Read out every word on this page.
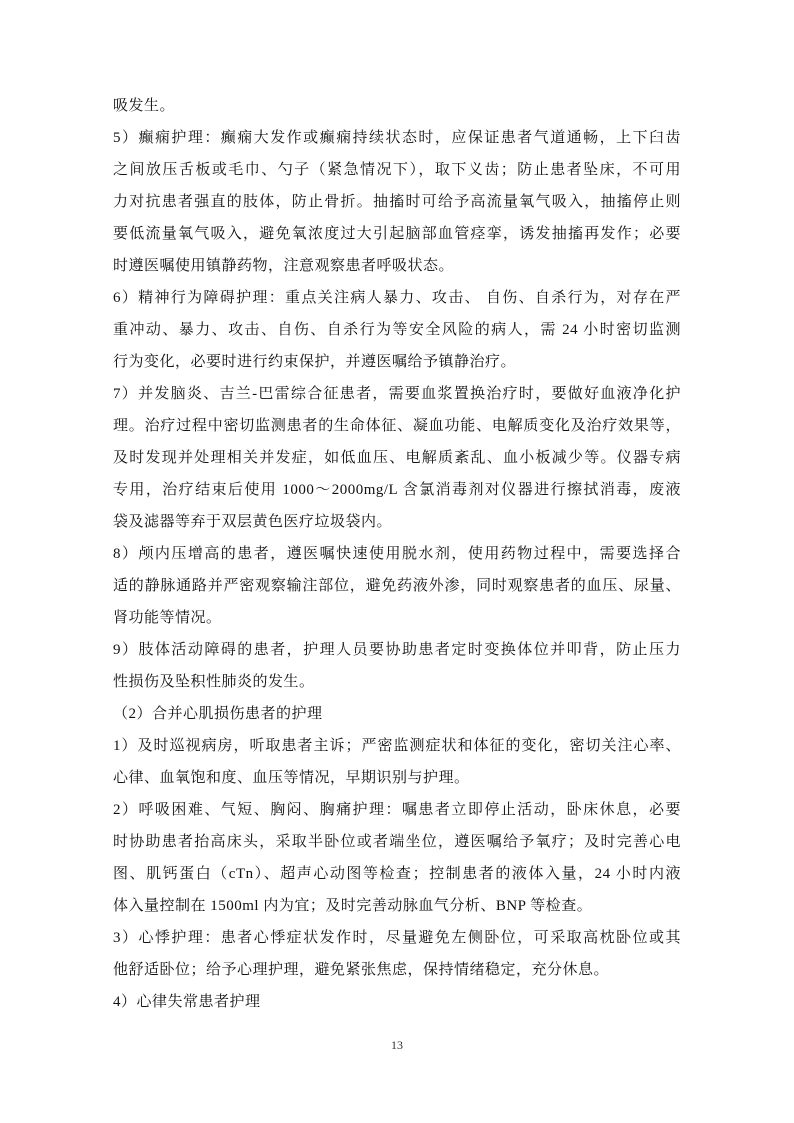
吸发生。
5）癫痫护理：癫痫大发作或癫痫持续状态时，应保证患者气道通畅，上下臼齿
之间放压舌板或毛巾、勺子（紧急情况下），取下义齿；防止患者坠床，不可用
力对抗患者强直的肢体，防止骨折。抽搐时可给予高流量氧气吸入，抽搐停止则
要低流量氧气吸入，避免氧浓度过大引起脑部血管痉挛，诱发抽搐再发作；必要
时遵医嘱使用镇静药物，注意观察患者呼吸状态。
6）精神行为障碍护理：重点关注病人暴力、攻击、 自伤、自杀行为，对存在严
重冲动、暴力、攻击、自伤、自杀行为等安全风险的病人，需 24 小时密切监测
行为变化，必要时进行约束保护，并遵医嘱给予镇静治疗。
7）并发脑炎、吉兰-巴雷综合征患者，需要血浆置换治疗时，要做好血液净化护
理。治疗过程中密切监测患者的生命体征、凝血功能、电解质变化及治疗效果等，
及时发现并处理相关并发症，如低血压、电解质紊乱、血小板减少等。仪器专病
专用，治疗结束后使用 1000～2000mg/L 含氯消毒剂对仪器进行擦拭消毒，废液
袋及滤器等弃于双层黄色医疗垃圾袋内。
8）颅内压增高的患者，遵医嘱快速使用脱水剂，使用药物过程中，需要选择合
适的静脉通路并严密观察输注部位，避免药液外渗，同时观察患者的血压、尿量、
肾功能等情况。
9）肢体活动障碍的患者，护理人员要协助患者定时变换体位并叩背，防止压力
性损伤及坠积性肺炎的发生。
（2）合并心肌损伤患者的护理
1）及时巡视病房，听取患者主诉；严密监测症状和体征的变化，密切关注心率、
心律、血氧饱和度、血压等情况，早期识别与护理。
2）呼吸困难、气短、胸闷、胸痛护理：嘱患者立即停止活动，卧床休息，必要
时协助患者抬高床头，采取半卧位或者端坐位，遵医嘱给予氧疗；及时完善心电
图、肌钙蛋白（cTn）、超声心动图等检查；控制患者的液体入量，24 小时内液
体入量控制在 1500ml 内为宜；及时完善动脉血气分析、BNP 等检查。
3）心悸护理：患者心悸症状发作时，尽量避免左侧卧位，可采取高枕卧位或其
他舒适卧位；给予心理护理，避免紧张焦虑，保持情绪稳定，充分休息。
4）心律失常患者护理
13
